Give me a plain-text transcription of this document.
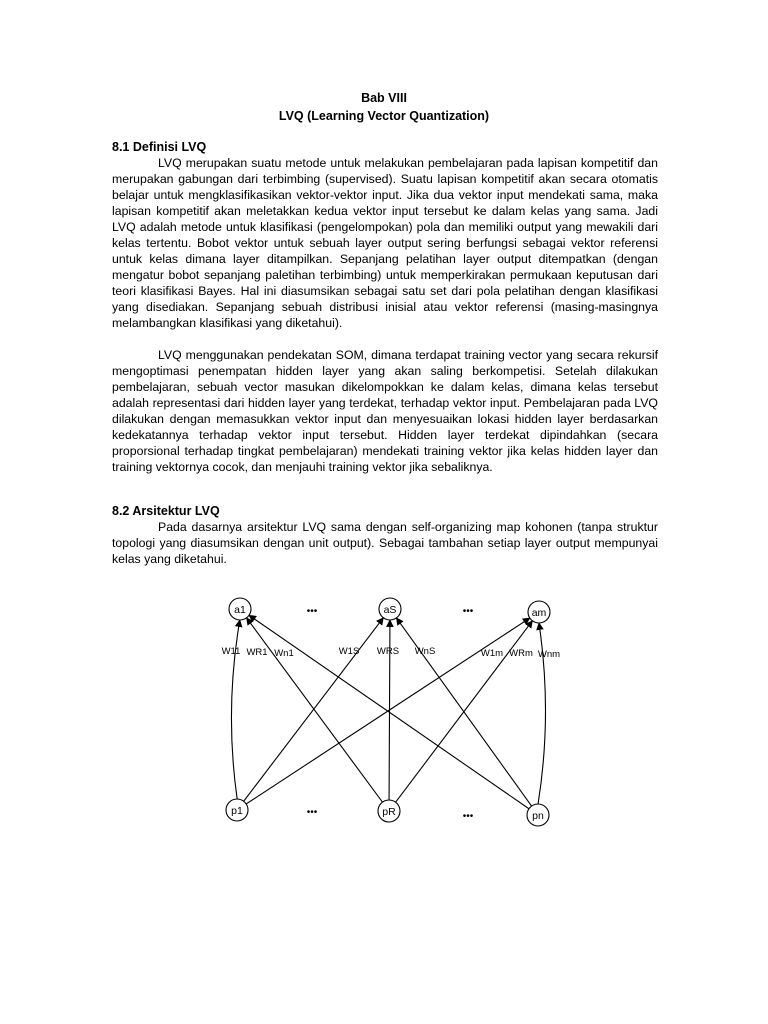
Bab VIII
LVQ (Learning Vector Quantization)
8.1 Definisi LVQ

LVQ merupakan suatu metode untuk melakukan pembelajaran pada lapisan kompetitif dan merupakan gabungan dari terbimbing (supervised). Suatu lapisan kompetitif akan secara otomatis belajar untuk mengklasifikasikan vektor-vektor input. Jika dua vektor input mendekati sama, maka lapisan kompetitif akan meletakkan kedua vektor input tersebut ke dalam kelas yang sama. Jadi LVQ adalah metode untuk klasifikasi (pengelompokan) pola dan memiliki output yang mewakili dari kelas tertentu. Bobot vektor untuk sebuah layer output sering berfungsi sebagai vektor referensi untuk kelas dimana layer ditampilkan. Sepanjang pelatihan layer output ditempatkan (dengan mengatur bobot sepanjang paletihan terbimbing) untuk memperkirakan permukaan keputusan dari teori klasifikasi Bayes. Hal ini diasumsikan sebagai satu set dari pola pelatihan dengan klasifikasi yang disediakan. Sepanjang sebuah distribusi inisial atau vektor referensi (masing-masingnya melambangkan klasifikasi yang diketahui).

LVQ menggunakan pendekatan SOM, dimana terdapat training vector yang secara rekursif mengoptimasi penempatan hidden layer yang akan saling berkompetisi. Setelah dilakukan pembelajaran, sebuah vector masukan dikelompokkan ke dalam kelas, dimana kelas tersebut adalah representasi dari hidden layer yang terdekat, terhadap vektor input. Pembelajaran pada LVQ dilakukan dengan memasukkan vektor input dan menyesuaikan lokasi hidden layer berdasarkan kedekatannya terhadap vektor input tersebut. Hidden layer terdekat dipindahkan (secara proporsional terhadap tingkat pembelajaran) mendekati training vektor jika kelas hidden layer dan training vektornya cocok, dan menjauhi training vektor jika sebaliknya.

8.2 Arsitektur LVQ

Pada dasarnya arsitektur LVQ sama dengan self-organizing map kohonen (tanpa struktur topologi yang diasumsikan dengan unit output). Sebagai tambahan setiap layer output mempunyai kelas yang diketahui.

a1	aS	am
p1	pR	pn
•••	•••
•••	•••
W11 WR1 Wn1	W1S WRS WnS	W1m WRm Wnm
